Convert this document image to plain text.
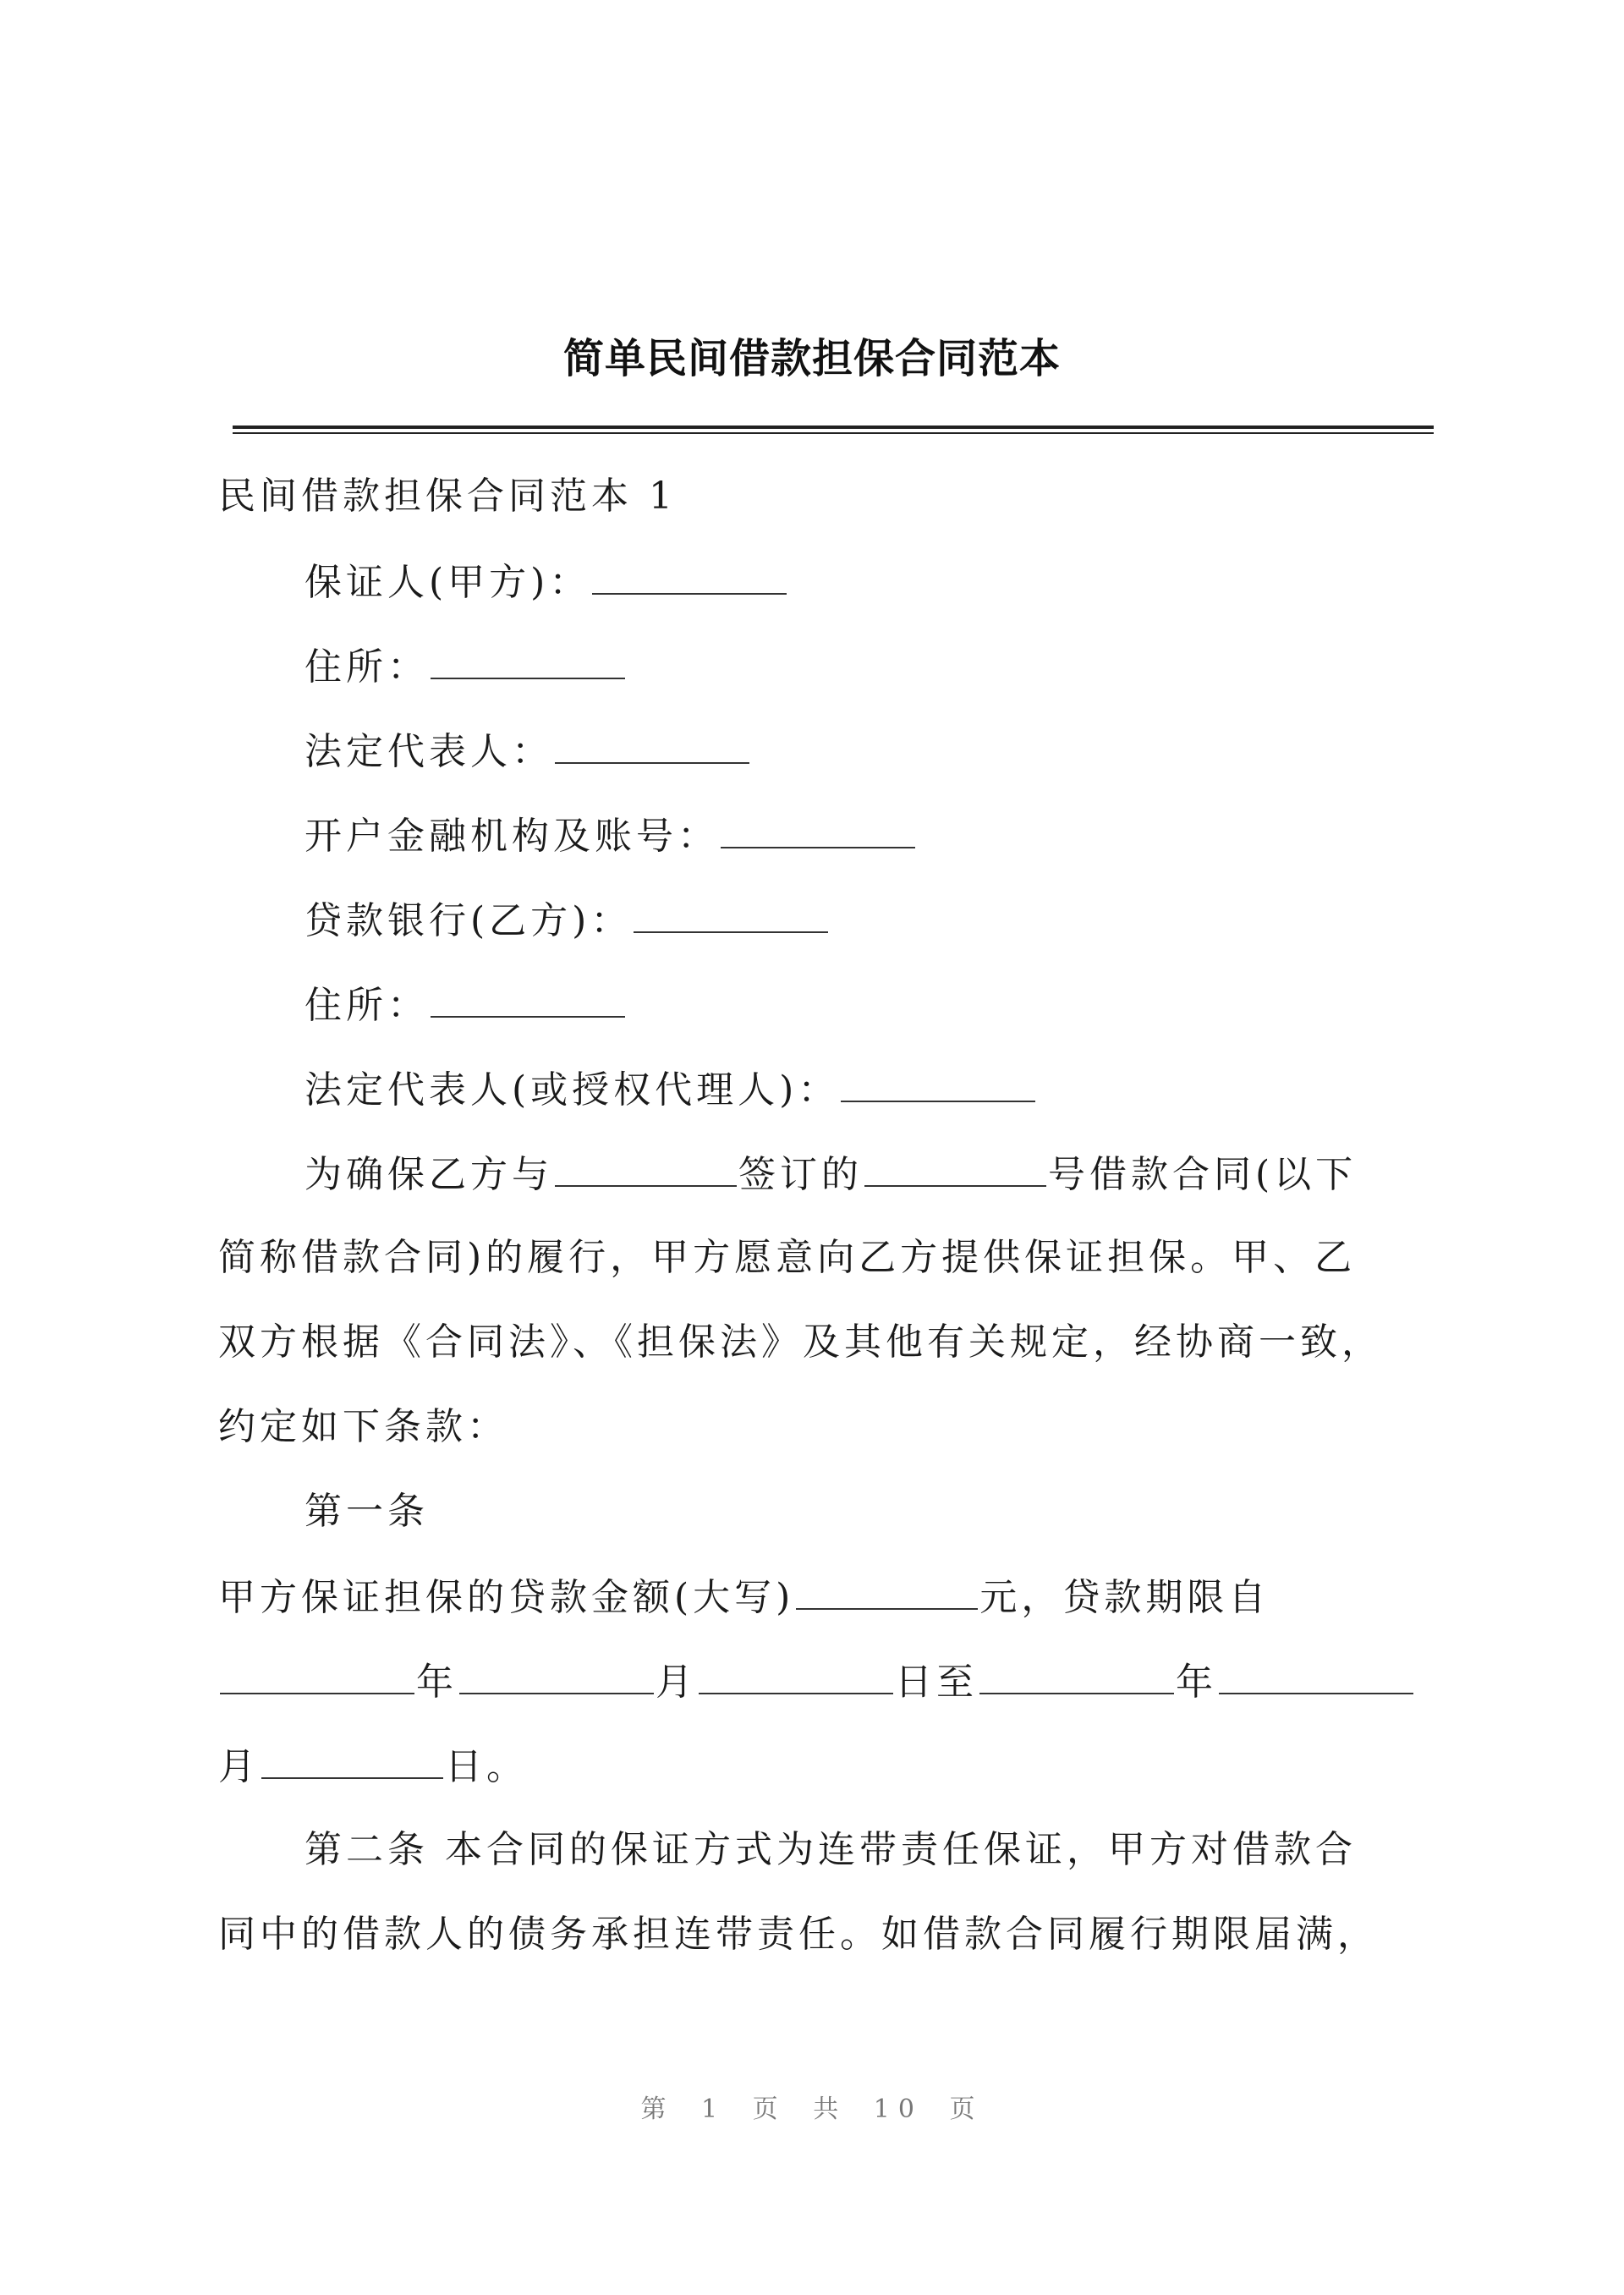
简单民间借款担保合同范本
民间借款担保合同范本 1
保证人(甲方)：
住所：
法定代表人：
开户金融机构及账号：
贷款银行(乙方)：
住所：
法定代表人(或授权代理人)：
为确保乙方与	签订的	号借款合同(以下
简称借款合同)的履行，甲方愿意向乙方提供保证担保。甲、乙
双方根据《合同法》、《担保法》及其他有关规定，经协商一致，
约定如下条款：
第一条
甲方保证担保的贷款金额(大写)	元，贷款期限自
年	月	日至	年
月	日。
第二条 本合同的保证方式为连带责任保证，甲方对借款合
同中的借款人的债务承担连带责任。如借款合同履行期限届满，
第 1 页 共 10 页
